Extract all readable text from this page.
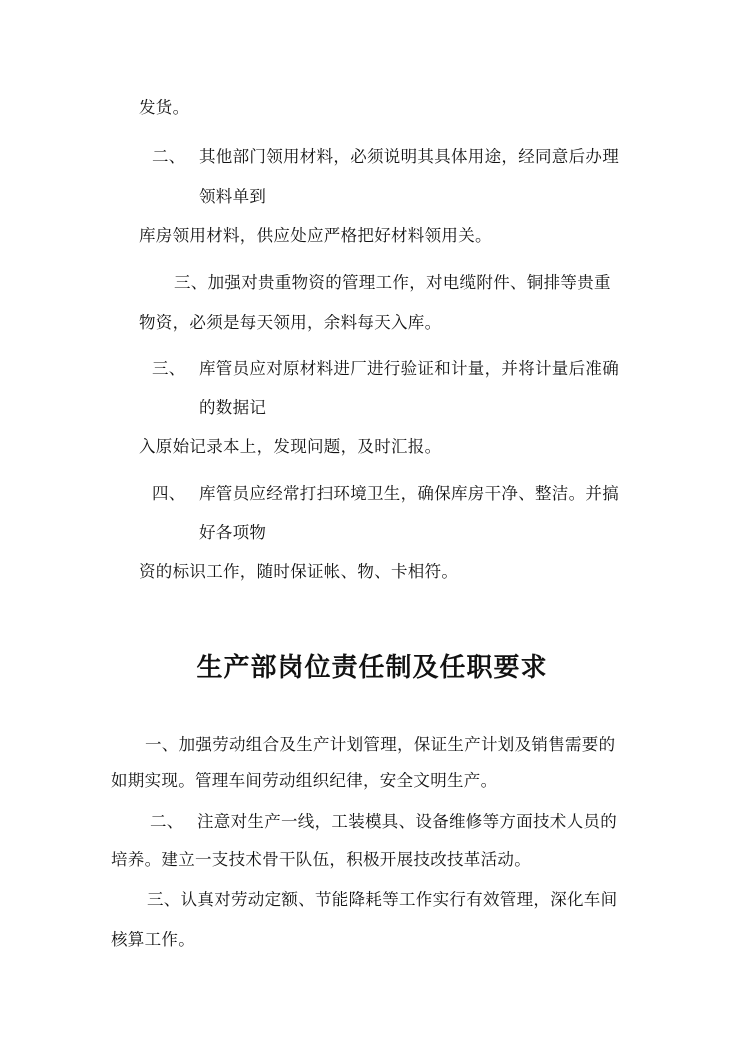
发货。
二、 其他部门领用材料，必须说明其具体用途，经同意后办理
领料单到
库房领用材料，供应处应严格把好材料领用关。
三、加强对贵重物资的管理工作，对电缆附件、铜排等贵重
物资，必须是每天领用，余料每天入库。
三、 库管员应对原材料进厂进行验证和计量，并将计量后准确
的数据记
入原始记录本上，发现问题，及时汇报。
四、 库管员应经常打扫环境卫生，确保库房干净、整洁。并搞
好各项物
资的标识工作，随时保证帐、物、卡相符。
生产部岗位责任制及任职要求
一、加强劳动组合及生产计划管理，保证生产计划及销售需要的
如期实现。管理车间劳动组织纪律，安全文明生产。
二、 注意对生产一线，工装模具、设备维修等方面技术人员的
培养。建立一支技术骨干队伍，积极开展技改技革活动。
三、认真对劳动定额、节能降耗等工作实行有效管理，深化车间
核算工作。
